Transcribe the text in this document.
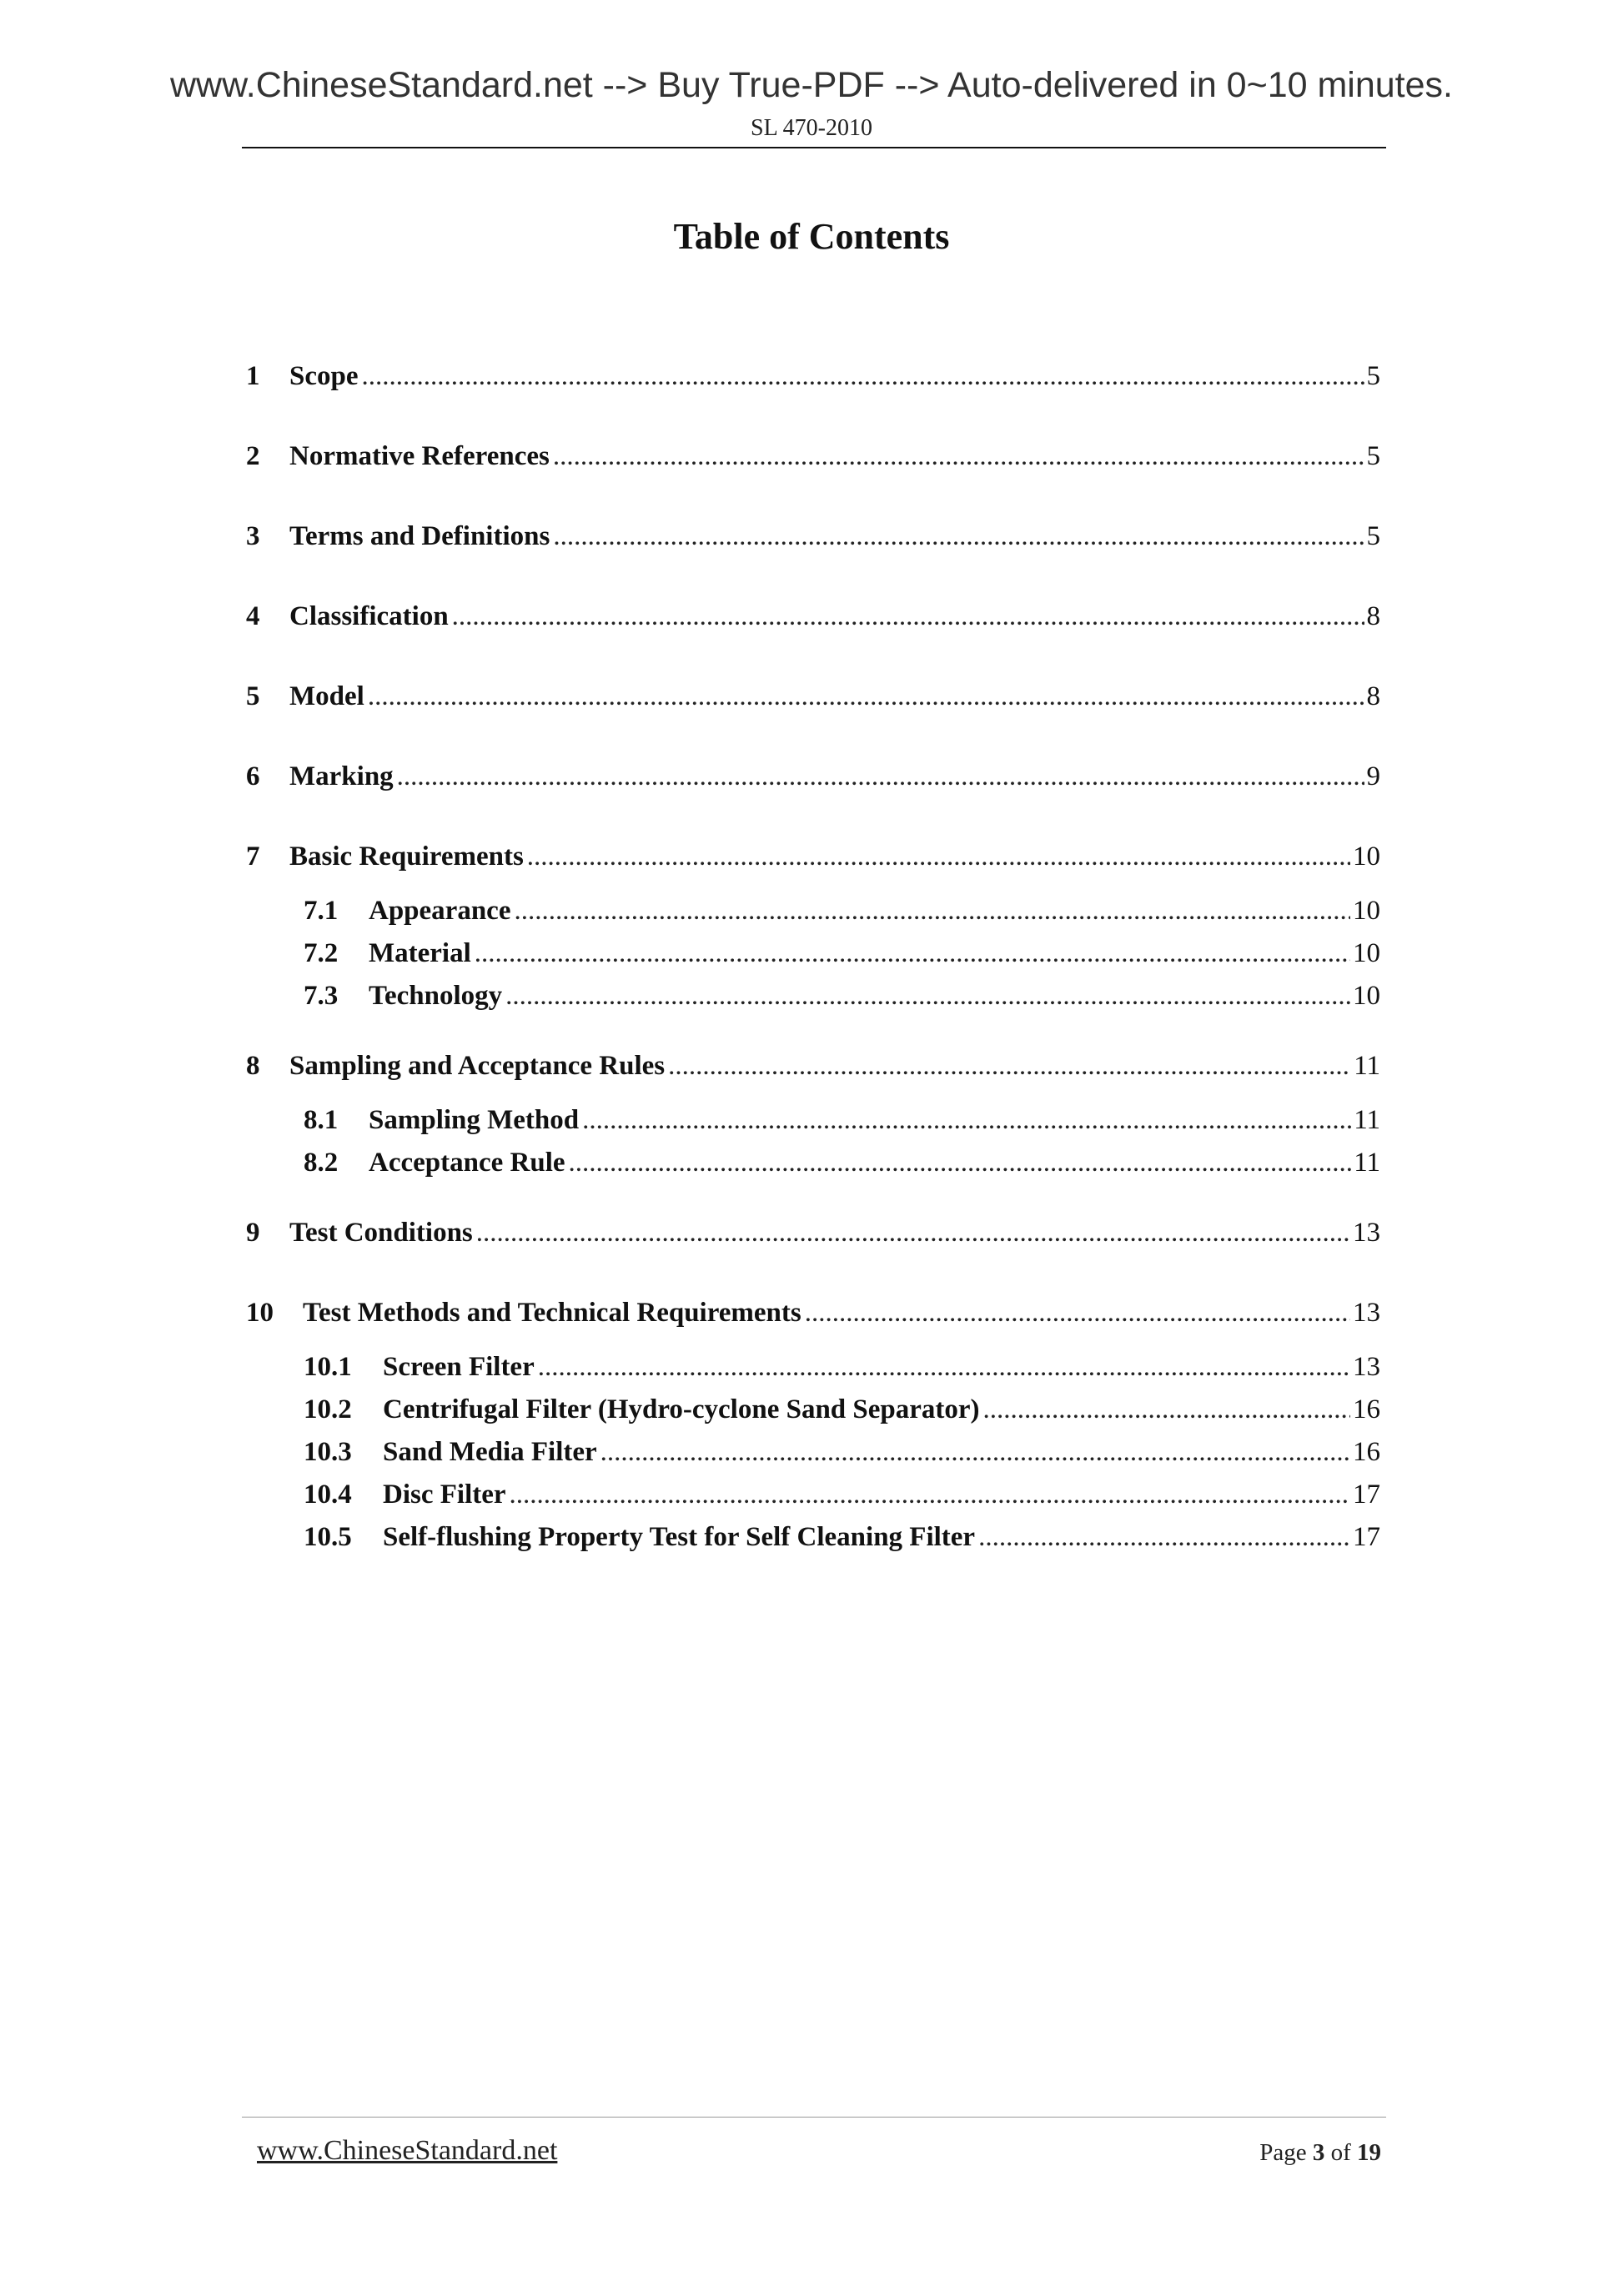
www.ChineseStandard.net --> Buy True-PDF --> Auto-delivered in 0~10 minutes.
SL 470-2010
Table of Contents
1	Scope .....	5
2	Normative References .....	5
3	Terms and Definitions .....	5
4	Classification .....	8
5	Model .....	8
6	Marking .....	9
7	Basic Requirements .....	10
7.1	Appearance .....	10
7.2	Material .....	10
7.3	Technology .....	10
8	Sampling and Acceptance Rules .....	11
8.1	Sampling Method .....	11
8.2	Acceptance Rule .....	11
9	Test Conditions .....	13
10	Test Methods and Technical Requirements .....	13
10.1	Screen Filter .....	13
10.2	Centrifugal Filter (Hydro-cyclone Sand Separator) .....	16
10.3	Sand Media Filter .....	16
10.4	Disc Filter .....	17
10.5	Self-flushing Property Test for Self Cleaning Filter .....	17
www.ChineseStandard.net	Page 3 of 19
